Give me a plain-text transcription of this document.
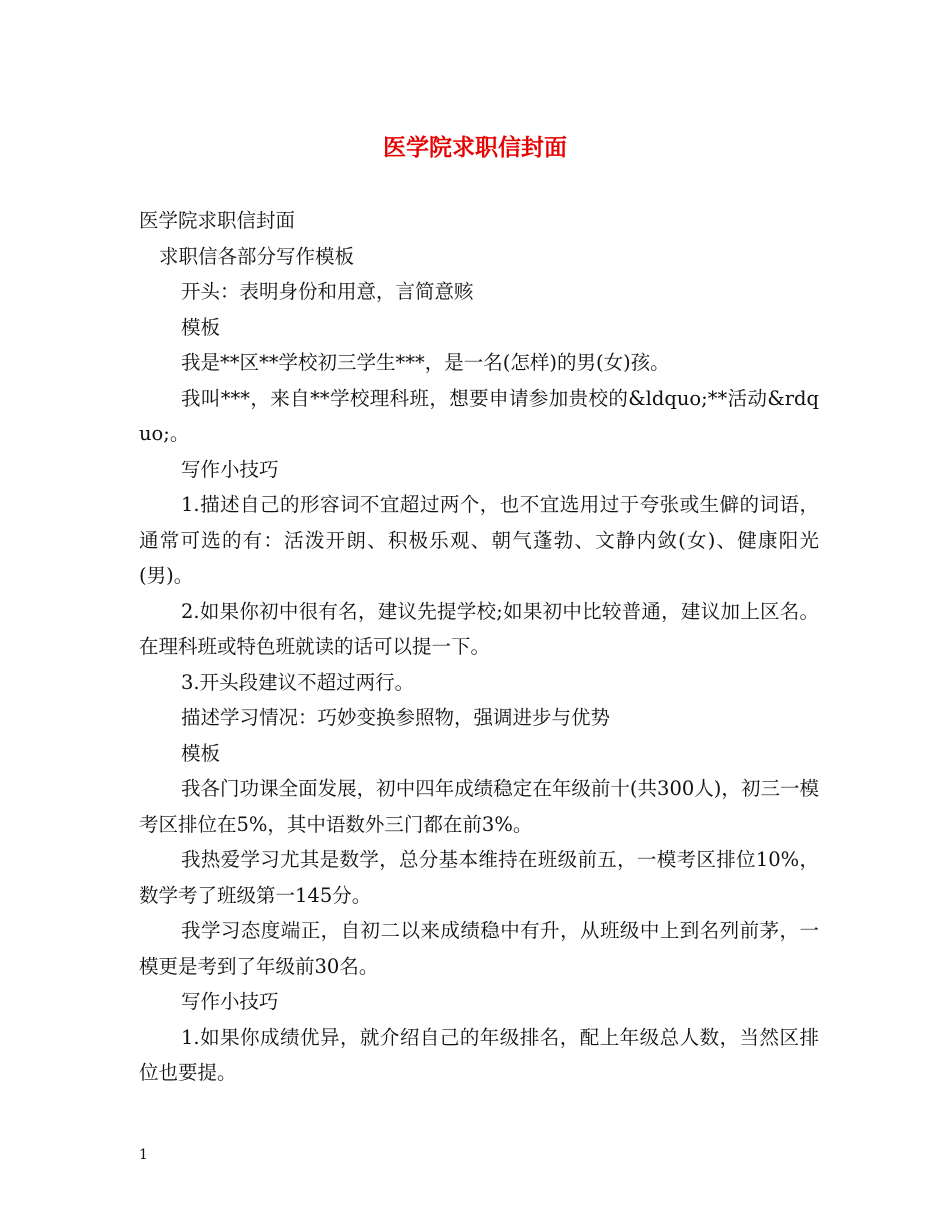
医学院求职信封面

医学院求职信封面

求职信各部分写作模板

开头：表明身份和用意，言简意赅

模板

我是**区**学校初三学生***，是一名(怎样)的男(女)孩。

我叫***，来自**学校理科班，想要申请参加贵校的&ldquo;**活动&rdquo;。

写作小技巧

1.描述自己的形容词不宜超过两个，也不宜选用过于夸张或生僻的词语，通常可选的有：活泼开朗、积极乐观、朝气蓬勃、文静内敛(女)、健康阳光(男)。

2.如果你初中很有名，建议先提学校;如果初中比较普通，建议加上区名。在理科班或特色班就读的话可以提一下。

3.开头段建议不超过两行。

描述学习情况：巧妙变换参照物，强调进步与优势

模板

我各门功课全面发展，初中四年成绩稳定在年级前十(共300人)，初三一模考区排位在5%，其中语数外三门都在前3%。

我热爱学习尤其是数学，总分基本维持在班级前五，一模考区排位10%，数学考了班级第一145分。

我学习态度端正，自初二以来成绩稳中有升，从班级中上到名列前茅，一模更是考到了年级前30名。

写作小技巧

1.如果你成绩优异，就介绍自己的年级排名，配上年级总人数，当然区排位也要提。

1
